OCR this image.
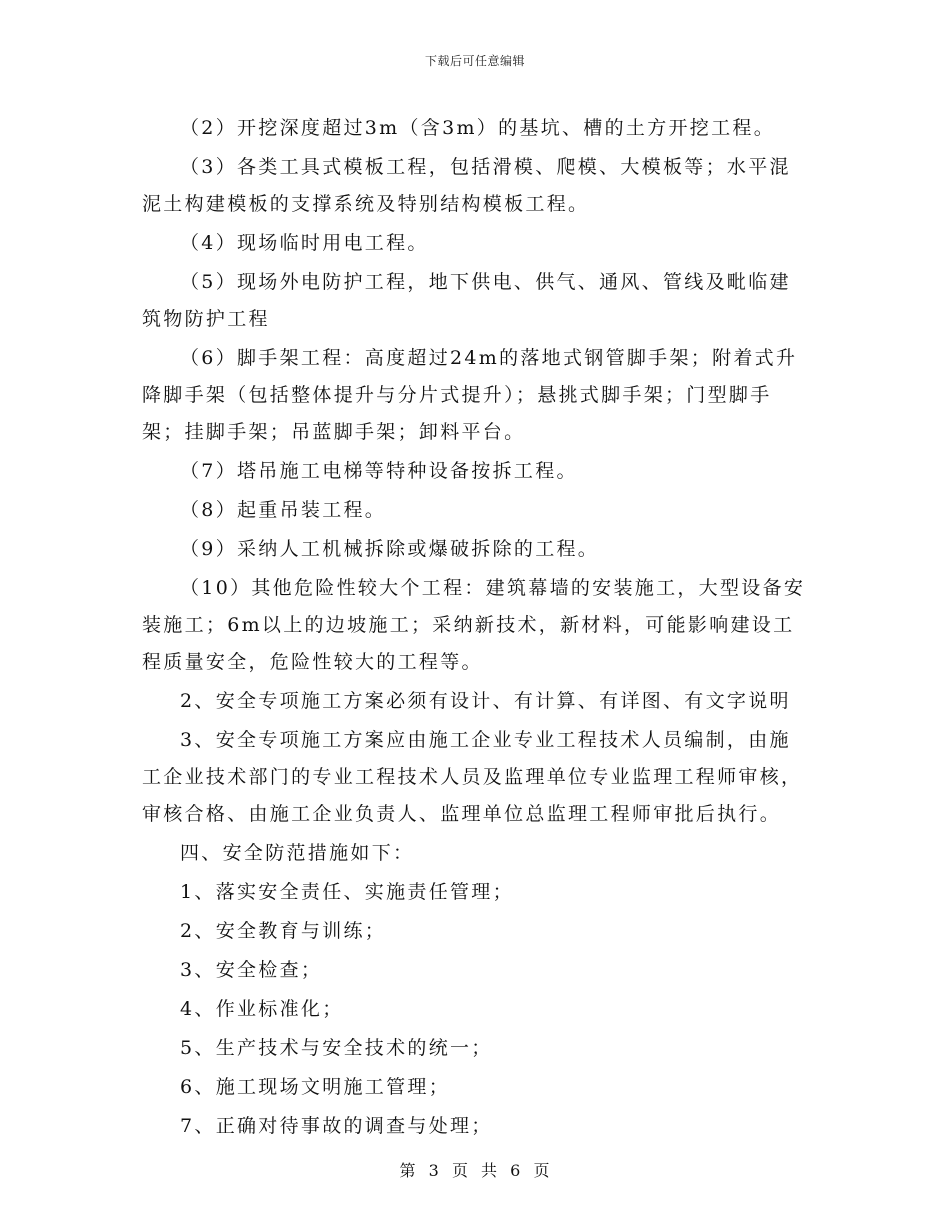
下载后可任意编辑

（2）开挖深度超过3m（含3m）的基坑、槽的土方开挖工程。

（3）各类工具式模板工程，包括滑模、爬模、大模板等；水平混泥土构建模板的支撑系统及特别结构模板工程。

（4）现场临时用电工程。

（5）现场外电防护工程，地下供电、供气、通风、管线及毗临建筑物防护工程

（6）脚手架工程：高度超过24m的落地式钢管脚手架；附着式升降脚手架（包括整体提升与分片式提升）；悬挑式脚手架；门型脚手架；挂脚手架；吊蓝脚手架；卸料平台。

（7）塔吊施工电梯等特种设备按拆工程。

（8）起重吊装工程。

（9）采纳人工机械拆除或爆破拆除的工程。

（10）其他危险性较大个工程：建筑幕墙的安装施工，大型设备安装施工；6m以上的边坡施工；采纳新技术，新材料，可能影响建设工程质量安全，危险性较大的工程等。

2、安全专项施工方案必须有设计、有计算、有详图、有文字说明

3、安全专项施工方案应由施工企业专业工程技术人员编制，由施工企业技术部门的专业工程技术人员及监理单位专业监理工程师审核，审核合格、由施工企业负责人、监理单位总监理工程师审批后执行。

四、安全防范措施如下：

1、落实安全责任、实施责任管理；

2、安全教育与训练；

3、安全检查；

4、作业标准化；

5、生产技术与安全技术的统一；

6、施工现场文明施工管理；

7、正确对待事故的调查与处理；

第 3 页 共 6 页
